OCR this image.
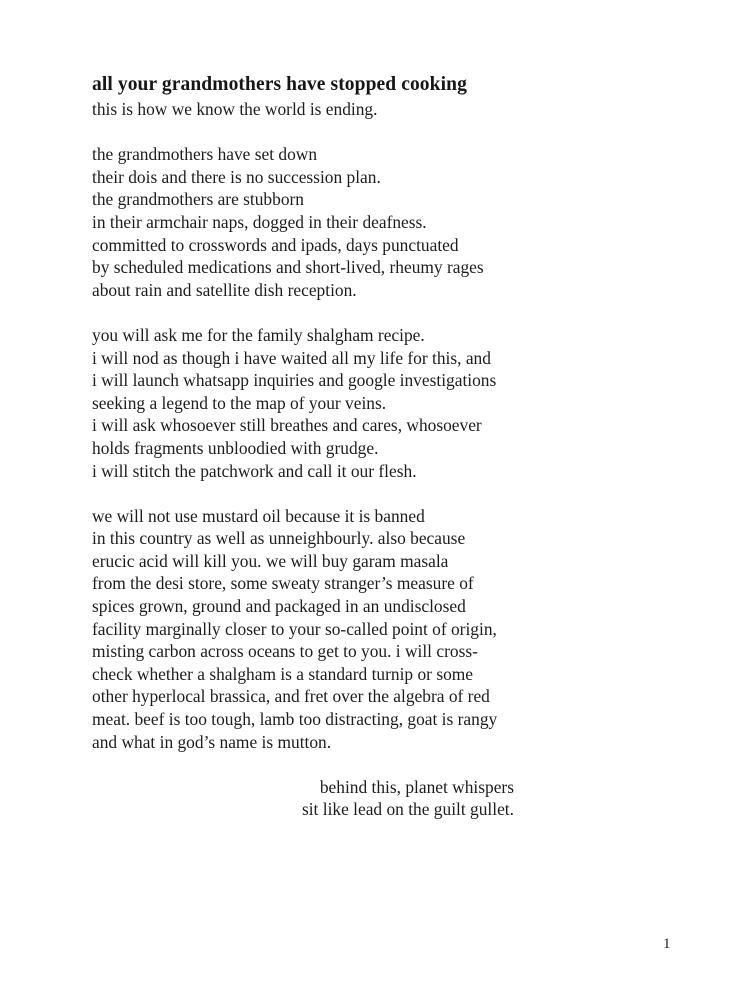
all your grandmothers have stopped cooking
this is how we know the world is ending.
the grandmothers have set down
their dois and there is no succession plan.
the grandmothers are stubborn
in their armchair naps, dogged in their deafness.
committed to crosswords and ipads, days punctuated
by scheduled medications and short-lived, rheumy rages
about rain and satellite dish reception.
you will ask me for the family shalgham recipe.
i will nod as though i have waited all my life for this, and
i will launch whatsapp inquiries and google investigations
seeking a legend to the map of your veins.
i will ask whosoever still breathes and cares, whosoever
holds fragments unbloodied with grudge.
i will stitch the patchwork and call it our flesh.
we will not use mustard oil because it is banned
in this country as well as unneighbourly. also because
erucic acid will kill you. we will buy garam masala
from the desi store, some sweaty stranger’s measure of
spices grown, ground and packaged in an undisclosed
facility marginally closer to your so-called point of origin,
misting carbon across oceans to get to you. i will cross-
check whether a shalgham is a standard turnip or some
other hyperlocal brassica, and fret over the algebra of red
meat. beef is too tough, lamb too distracting, goat is rangy
and what in god’s name is mutton.
behind this, planet whispers
sit like lead on the guilt gullet.
1
